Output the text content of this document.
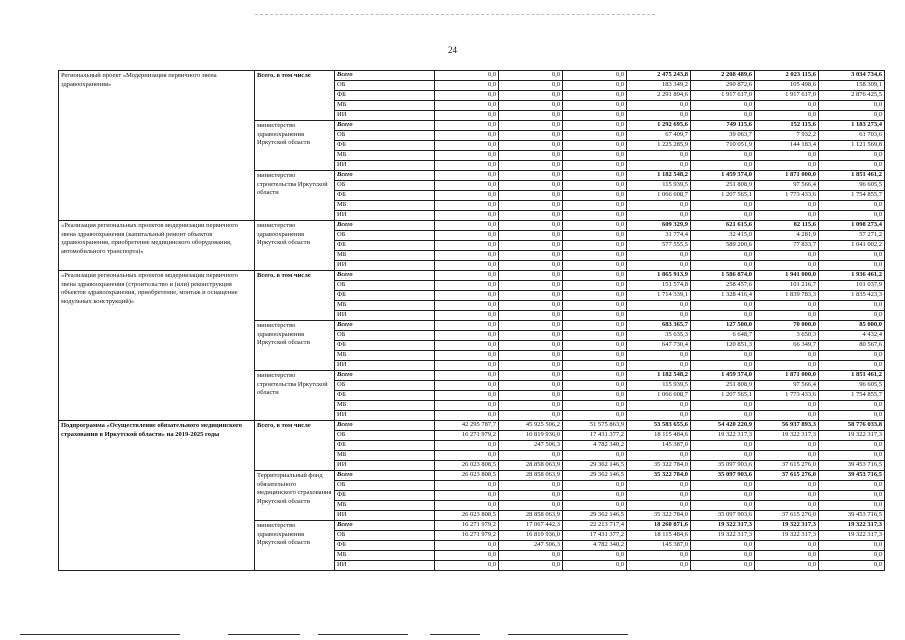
24
Региональный проект «Модернизация первичного звена здравоохранения»	Всего, в том числе	Всего	0,0	0,0	0,0	2 475 243,8	2 208 489,6	2 023 115,6	3 034 734,6
		ОБ	0,0	0,0	0,0	183 349,2	290 872,6	105 498,6	158 309,1
		ФБ	0,0	0,0	0,0	2 291 894,6	1 917 617,0	1 917 617,0	2 876 425,5
		МБ	0,0	0,0	0,0	0,0	0,0	0,0	0,0
		ИИ	0,0	0,0	0,0	0,0	0,0	0,0	0,0
	министерство здравоохранения Иркутской области	Всего	0,0	0,0	0,0	1 292 695,6	749 115,6	152 115,6	1 183 273,4
		ОБ	0,0	0,0	0,0	67 409,7	39 063,7	7 932,2	61 703,6
		ФБ	0,0	0,0	0,0	1 225 285,9	710 051,9	144 183,4	1 121 569,8
		МБ	0,0	0,0	0,0	0,0	0,0	0,0	0,0
		ИИ	0,0	0,0	0,0	0,0	0,0	0,0	0,0
	министерство строительства Иркутской области	Всего	0,0	0,0	0,0	1 182 548,2	1 459 374,0	1 871 000,0	1 851 461,2
		ОБ	0,0	0,0	0,0	115 939,5	251 808,9	97 566,4	96 605,5
		ФБ	0,0	0,0	0,0	1 066 608,7	1 207 565,1	1 773 433,6	1 754 855,7
		МБ	0,0	0,0	0,0	0,0	0,0	0,0	0,0
		ИИ	0,0	0,0	0,0	0,0	0,0	0,0	0,0
«Реализация региональных проектов модернизации первичного звена здравоохранения (капитальный ремонт объектов здравоохранения, приобретение медицинского оборудования, автомобильного транспорта)»	министерство здравоохранения Иркутской области	Всего	0,0	0,0	0,0	609 329,9	621 615,6	82 115,6	1 098 273,4
		ОБ	0,0	0,0	0,0	31 774,4	32 415,0	4 281,9	57 271,2
		ФБ	0,0	0,0	0,0	577 555,5	589 200,6	77 833,7	1 041 002,2
		МБ	0,0	0,0	0,0	0,0	0,0	0,0	0,0
		ИИ	0,0	0,0	0,0	0,0	0,0	0,0	0,0
«Реализация региональных проектов модернизации первичного звена здравоохранения (строительство и (или) реконструкция объектов здравоохранения, приобретение, монтаж и оснащение модульных конструкций)»	Всего, в том числе	Всего	0,0	0,0	0,0	1 865 913,9	1 586 874,0	1 941 000,0	1 936 461,2
		ОБ	0,0	0,0	0,0	151 574,8	258 457,6	101 216,7	101 037,9
		ФБ	0,0	0,0	0,0	1 714 339,1	1 328 416,4	1 839 783,3	1 835 423,3
		МБ	0,0	0,0	0,0	0,0	0,0	0,0	0,0
		ИИ	0,0	0,0	0,0	0,0	0,0	0,0	0,0
	министерство здравоохранения Иркутской области	Всего	0,0	0,0	0,0	683 365,7	127 500,0	70 000,0	85 000,0
		ОБ	0,0	0,0	0,0	35 635,3	6 648,7	3 650,3	4 432,4
		ФБ	0,0	0,0	0,0	647 730,4	120 851,3	66 349,7	80 567,6
		МБ	0,0	0,0	0,0	0,0	0,0	0,0	0,0
		ИИ	0,0	0,0	0,0	0,0	0,0	0,0	0,0
	министерство строительства Иркутской области	Всего	0,0	0,0	0,0	1 182 548,2	1 459 374,0	1 871 000,0	1 851 461,2
		ОБ	0,0	0,0	0,0	115 939,5	251 808,9	97 566,4	96 605,5
		ФБ	0,0	0,0	0,0	1 066 608,7	1 207 565,1	1 773 433,6	1 754 855,7
		МБ	0,0	0,0	0,0	0,0	0,0	0,0	0,0
		ИИ	0,0	0,0	0,0	0,0	0,0	0,0	0,0
Подпрограмма «Осуществление обязательного медицинского страхования в Иркутской области» на 2019-2025 годы	Всего, в том числе	Всего	42 295 787,7	45 925 506,2	51 575 863,9	53 583 655,6	54 420 220,9	56 937 893,3	58 776 033,8
		ОБ	16 271 979,2	16 819 936,0	17 431 377,2	18 115 484,6	19 322 317,3	19 322 317,3	19 322 317,3
		ФБ	0,0	247 506,3	4 782 340,2	145 387,0	0,0	0,0	0,0
		МБ	0,0	0,0	0,0	0,0	0,0	0,0	0,0
		ИИ	26 023 808,5	28 858 063,9	29 362 146,5	35 322 784,0	35 097 903,6	37 615 276,0	39 453 716,5
	Территориальный фонд обязательного медицинского страхования Иркутской области	Всего	26 023 808,5	28 858 063,9	29 362 146,5	35 322 784,0	35 097 903,6	37 615 276,0	39 453 716,5
		ОБ	0,0	0,0	0,0	0,0	0,0	0,0	0,0
		ФБ	0,0	0,0	0,0	0,0	0,0	0,0	0,0
		МБ	0,0	0,0	0,0	0,0	0,0	0,0	0,0
		ИИ	26 023 808,5	28 858 063,9	29 362 146,5	35 322 784,0	35 097 903,6	37 615 276,0	39 453 716,5
	министерство здравоохранения Иркутской области	Всего	16 271 979,2	17 067 442,3	22 213 717,4	18 260 871,6	19 322 317,3	19 322 317,3	19 322 317,3
		ОБ	16 271 979,2	16 819 936,0	17 431 377,2	18 115 484,6	19 322 317,3	19 322 317,3	19 322 317,3
		ФБ	0,0	247 506,3	4 782 340,2	145 387,0	0,0	0,0	0,0
		МБ	0,0	0,0	0,0	0,0	0,0	0,0	0,0
		ИИ	0,0	0,0	0,0	0,0	0,0	0,0	0,0
